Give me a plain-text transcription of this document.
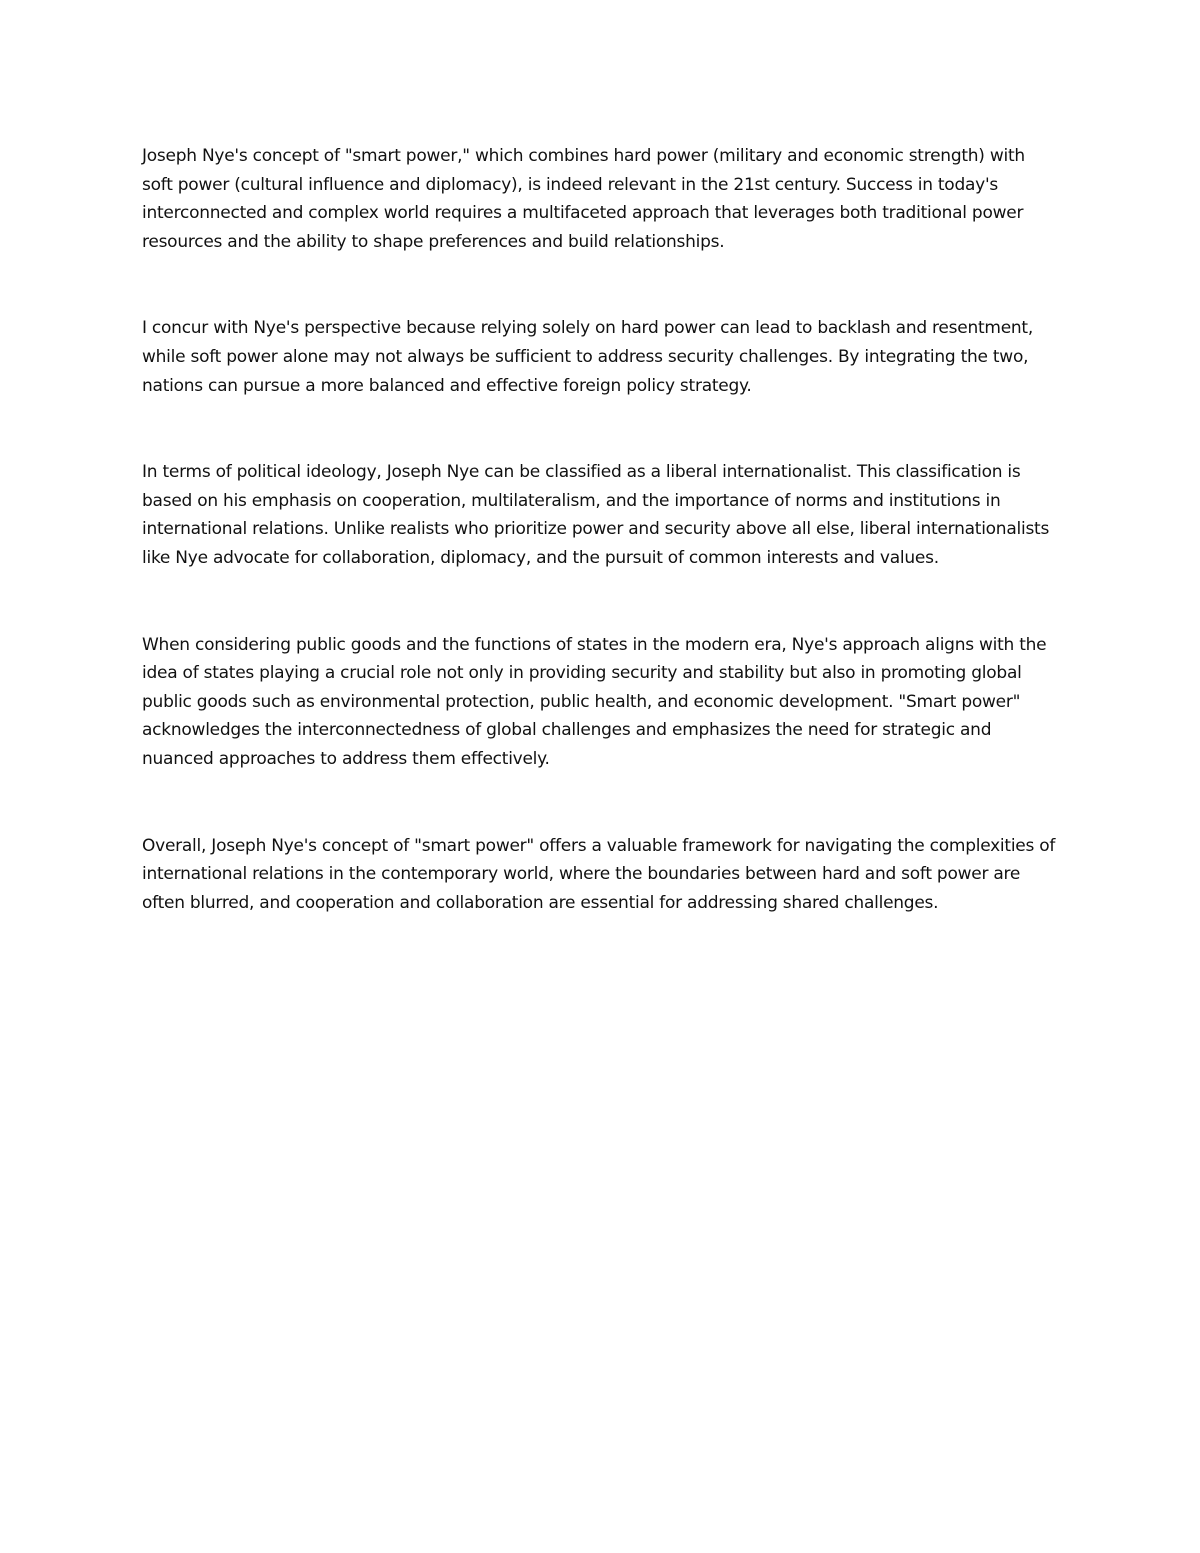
Joseph Nye's concept of "smart power," which combines hard power (military and economic strength) with soft power (cultural influence and diplomacy), is indeed relevant in the 21st century. Success in today's interconnected and complex world requires a multifaceted approach that leverages both traditional power resources and the ability to shape preferences and build relationships.

I concur with Nye's perspective because relying solely on hard power can lead to backlash and resentment, while soft power alone may not always be sufficient to address security challenges. By integrating the two, nations can pursue a more balanced and effective foreign policy strategy.

In terms of political ideology, Joseph Nye can be classified as a liberal internationalist. This classification is based on his emphasis on cooperation, multilateralism, and the importance of norms and institutions in international relations. Unlike realists who prioritize power and security above all else, liberal internationalists like Nye advocate for collaboration, diplomacy, and the pursuit of common interests and values.

When considering public goods and the functions of states in the modern era, Nye's approach aligns with the idea of states playing a crucial role not only in providing security and stability but also in promoting global public goods such as environmental protection, public health, and economic development. "Smart power" acknowledges the interconnectedness of global challenges and emphasizes the need for strategic and nuanced approaches to address them effectively.

Overall, Joseph Nye's concept of "smart power" offers a valuable framework for navigating the complexities of international relations in the contemporary world, where the boundaries between hard and soft power are often blurred, and cooperation and collaboration are essential for addressing shared challenges.
